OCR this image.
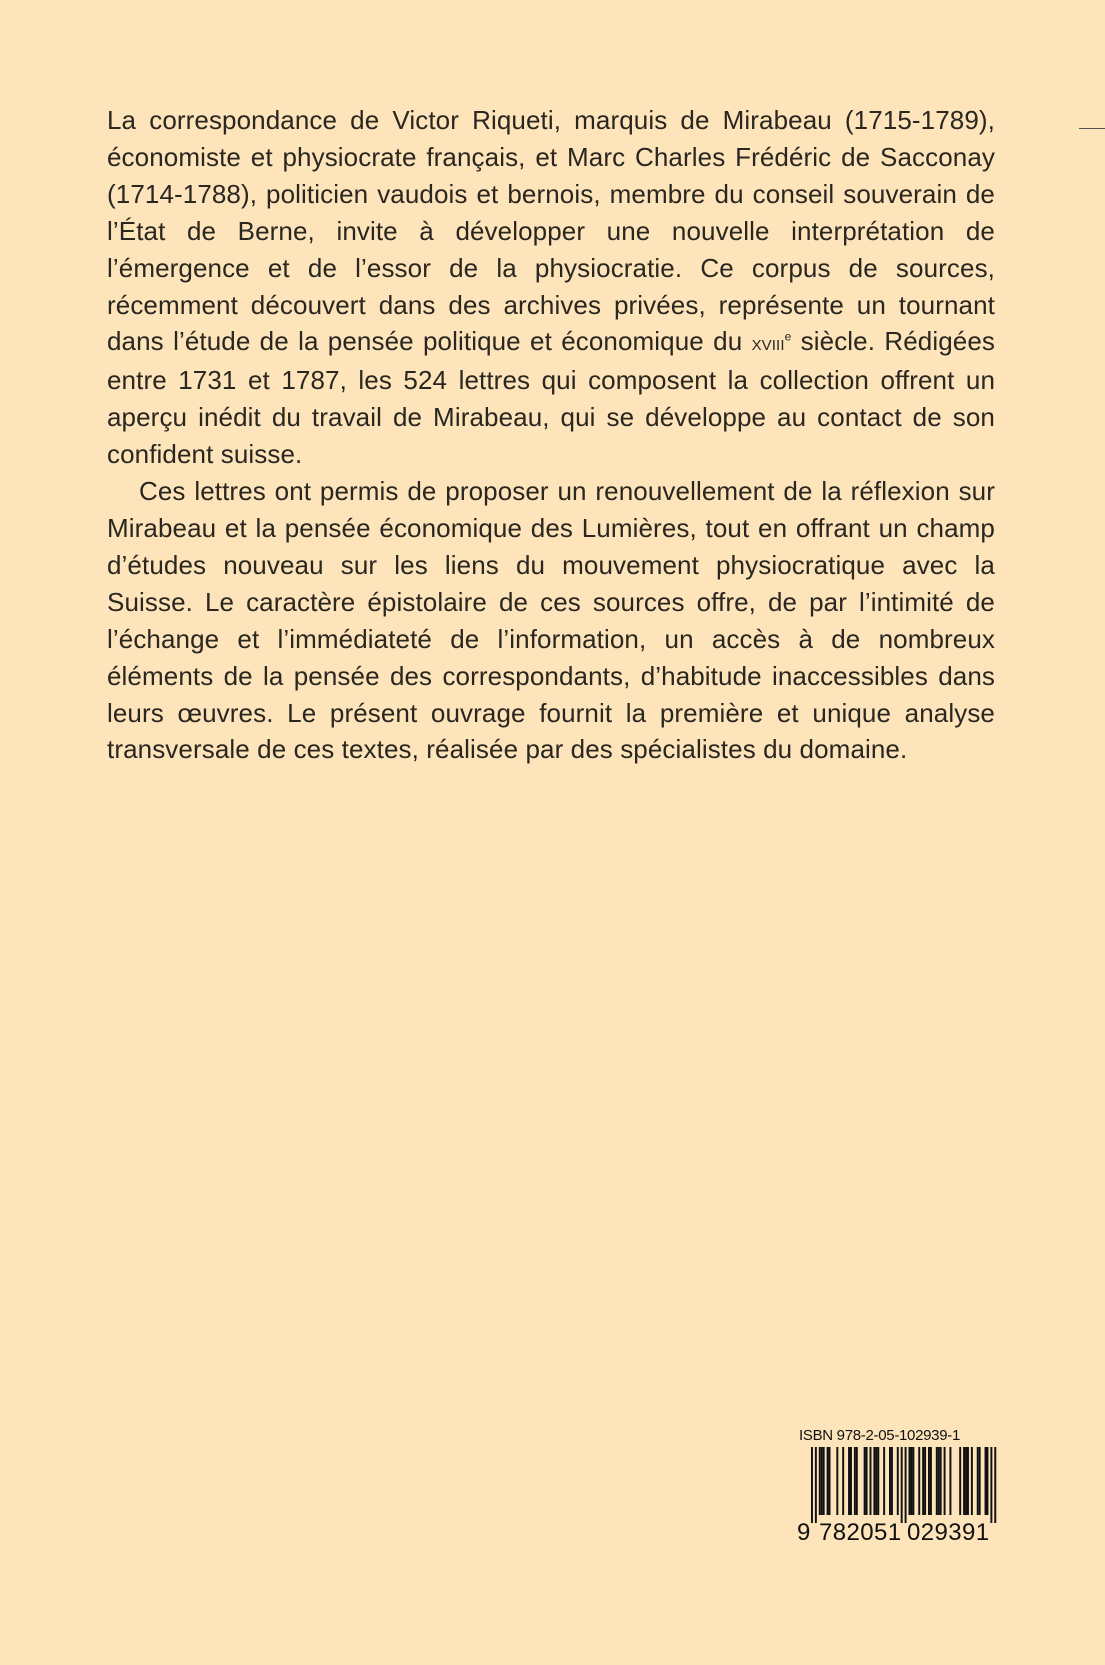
La correspondance de Victor Riqueti, marquis de Mirabeau (1715-1789), économiste et physiocrate français, et Marc Charles Frédéric de Sacconay (1714-1788), politicien vaudois et bernois, membre du conseil souverain de l’État de Berne, invite à développer une nouvelle interprétation de l’émergence et de l’essor de la physiocratie. Ce corpus de sources, récemment découvert dans des archives privées, représente un tournant dans l’étude de la pensée politique et économique du xviii$^e$ siècle. Rédigées entre 1731 et 1787, les 524 lettres qui composent la collection offrent un aperçu inédit du travail de Mirabeau, qui se développe au contact de son confident suisse.

Ces lettres ont permis de proposer un renouvellement de la réflexion sur Mirabeau et la pensée économique des Lumières, tout en offrant un champ d’études nouveau sur les liens du mouvement physiocratique avec la Suisse. Le caractère épistolaire de ces sources offre, de par l’intimité de l’échange et l’immédiateté de l’information, un accès à de nombreux éléments de la pensée des correspondants, d’habitude inaccessibles dans leurs œuvres. Le présent ouvrage fournit la première et unique analyse transversale de ces textes, réalisée par des spécialistes du domaine.

ISBN 978-2-05-102939-1
9 782051 029391
